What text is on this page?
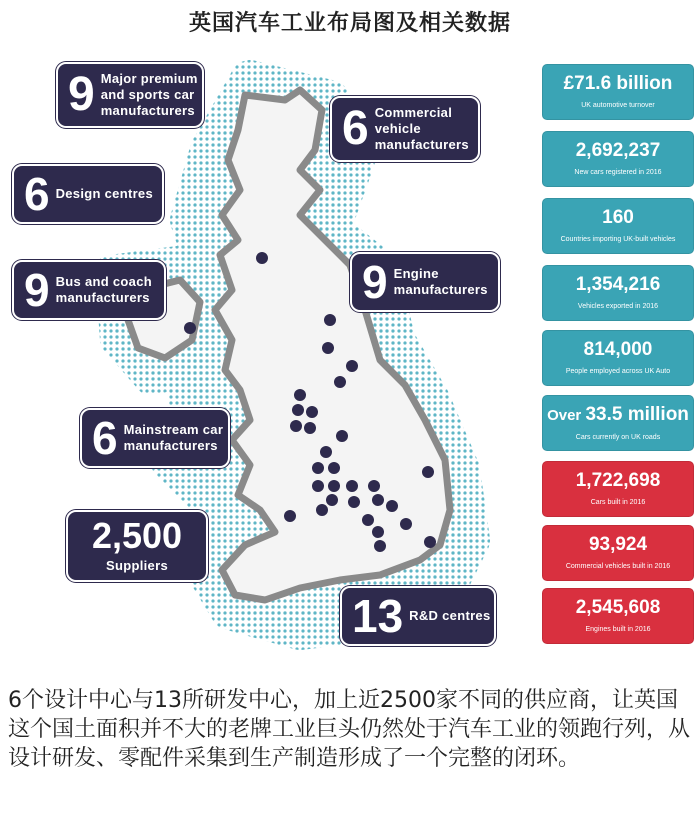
英国汽车工业布局图及相关数据
9 Major premium and sports car manufacturers	6 Commercial vehicle manufacturers
6 Design centres
9 Bus and coach manufacturers	9 Engine manufacturers
6 Mainstream car manufacturers
2,500
Suppliers
13 R&D centres
£71.6 billion
UK automotive turnover
2,692,237
New cars registered in 2016
160
Countries importing UK-built vehicles
1,354,216
Vehicles exported in 2016
814,000
People employed across UK Auto
Over 33.5 million
Cars currently on UK roads
1,722,698
Cars built in 2016
93,924
Commercial vehicles built in 2016
2,545,608
Engines built in 2016
6个设计中心与13所研发中心，加上近2500家不同的供应商，让英国这个国土面积并不大的老牌工业巨头仍然处于汽车工业的领跑行列，从设计研发、零配件采集到生产制造形成了一个完整的闭环。
